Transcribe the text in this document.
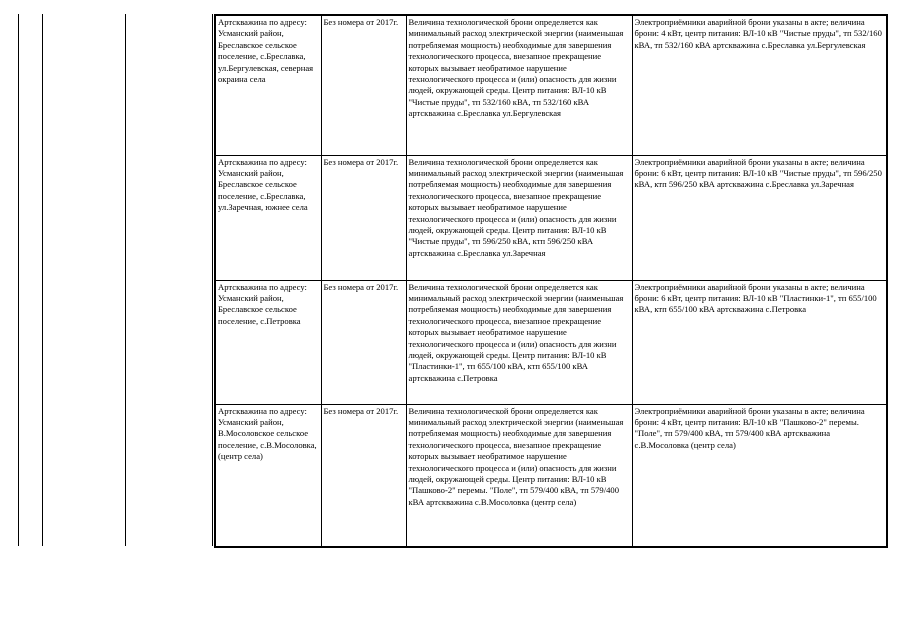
Артскважина по адресу: Усманский район, Бреславское сельское поселение, с.Бреславка, ул.Бергулевская, северная окраина села	Без номера от 2017г.	Величина технологической брони определяется как минимальный расход электрической энергии (наименьшая потребляемая мощность) необходимые для завершения технологического процесса, внезапное прекращение которых вызывает необратимое нарушение технологического процесса и (или) опасность для жизни людей, окружающей среды. Центр питания: ВЛ-10 кВ "Чистые пруды", тп 532/160 кВА, тп 532/160 кВА артскважина с.Бреславка ул.Бергулевская	Электроприёмники аварийной брони указаны в акте; величина брони: 4 кВт, центр питания: ВЛ-10 кВ "Чистые пруды", тп 532/160 кВА, тп 532/160 кВА артскважина с.Бреславка ул.Бергулевская
Артскважина по адресу: Усманский район, Бреславское сельское поселение, с.Бреславка, ул.Заречная, южнее села	Без номера от 2017г.	Величина технологической брони определяется как минимальный расход электрической энергии (наименьшая потребляемая мощность) необходимые для завершения технологического процесса, внезапное прекращение которых вызывает необратимое нарушение технологического процесса и (или) опасность для жизни людей, окружающей среды. Центр питания: ВЛ-10 кВ "Чистые пруды", тп 596/250 кВА, ктп 596/250 кВА артскважина с.Бреславка ул.Заречная	Электроприёмники аварийной брони указаны в акте; величина брони: 6 кВт, центр питания: ВЛ-10 кВ "Чистые пруды", тп 596/250 кВА, ктп 596/250 кВА артскважина с.Бреславка ул.Заречная
Артскважина по адресу: Усманский район, Бреславское сельское поселение, с.Петровка	Без номера от 2017г.	Величина технологической брони определяется как минимальный расход электрической энергии (наименьшая потребляемая мощность) необходимые для завершения технологического процесса, внезапное прекращение которых вызывает необратимое нарушение технологического процесса и (или) опасность для жизни людей, окружающей среды. Центр питания: ВЛ-10 кВ "Пластинки-1", тп 655/100 кВА, ктп 655/100 кВА артскважина с.Петровка	Электроприёмники аварийной брони указаны в акте; величина брони: 6 кВт, центр питания: ВЛ-10 кВ "Пластинки-1", тп 655/100 кВА, ктп 655/100 кВА артскважина с.Петровка
Артскважина по адресу: Усманский район, В.Мосоловское сельское поселение, с.В.Мосоловка, (центр села)	Без номера от 2017г.	Величина технологической брони определяется как минимальный расход электрической энергии (наименьшая потребляемая мощность) необходимые для завершения технологического процесса, внезапное прекращение которых вызывает необратимое нарушение технологического процесса и (или) опасность для жизни людей, окружающей среды. Центр питания: ВЛ-10 кВ "Пашково-2" перемы. "Поле", тп 579/400 кВА, тп 579/400 кВА артскважина с.В.Мосоловка (центр села)	Электроприёмники аварийной брони указаны в акте; величина брони: 4 кВт, центр питания: ВЛ-10 кВ "Пашково-2" перемы. "Поле", тп 579/400 кВА, тп 579/400 кВА артскважина с.В.Мосоловка (центр села)
